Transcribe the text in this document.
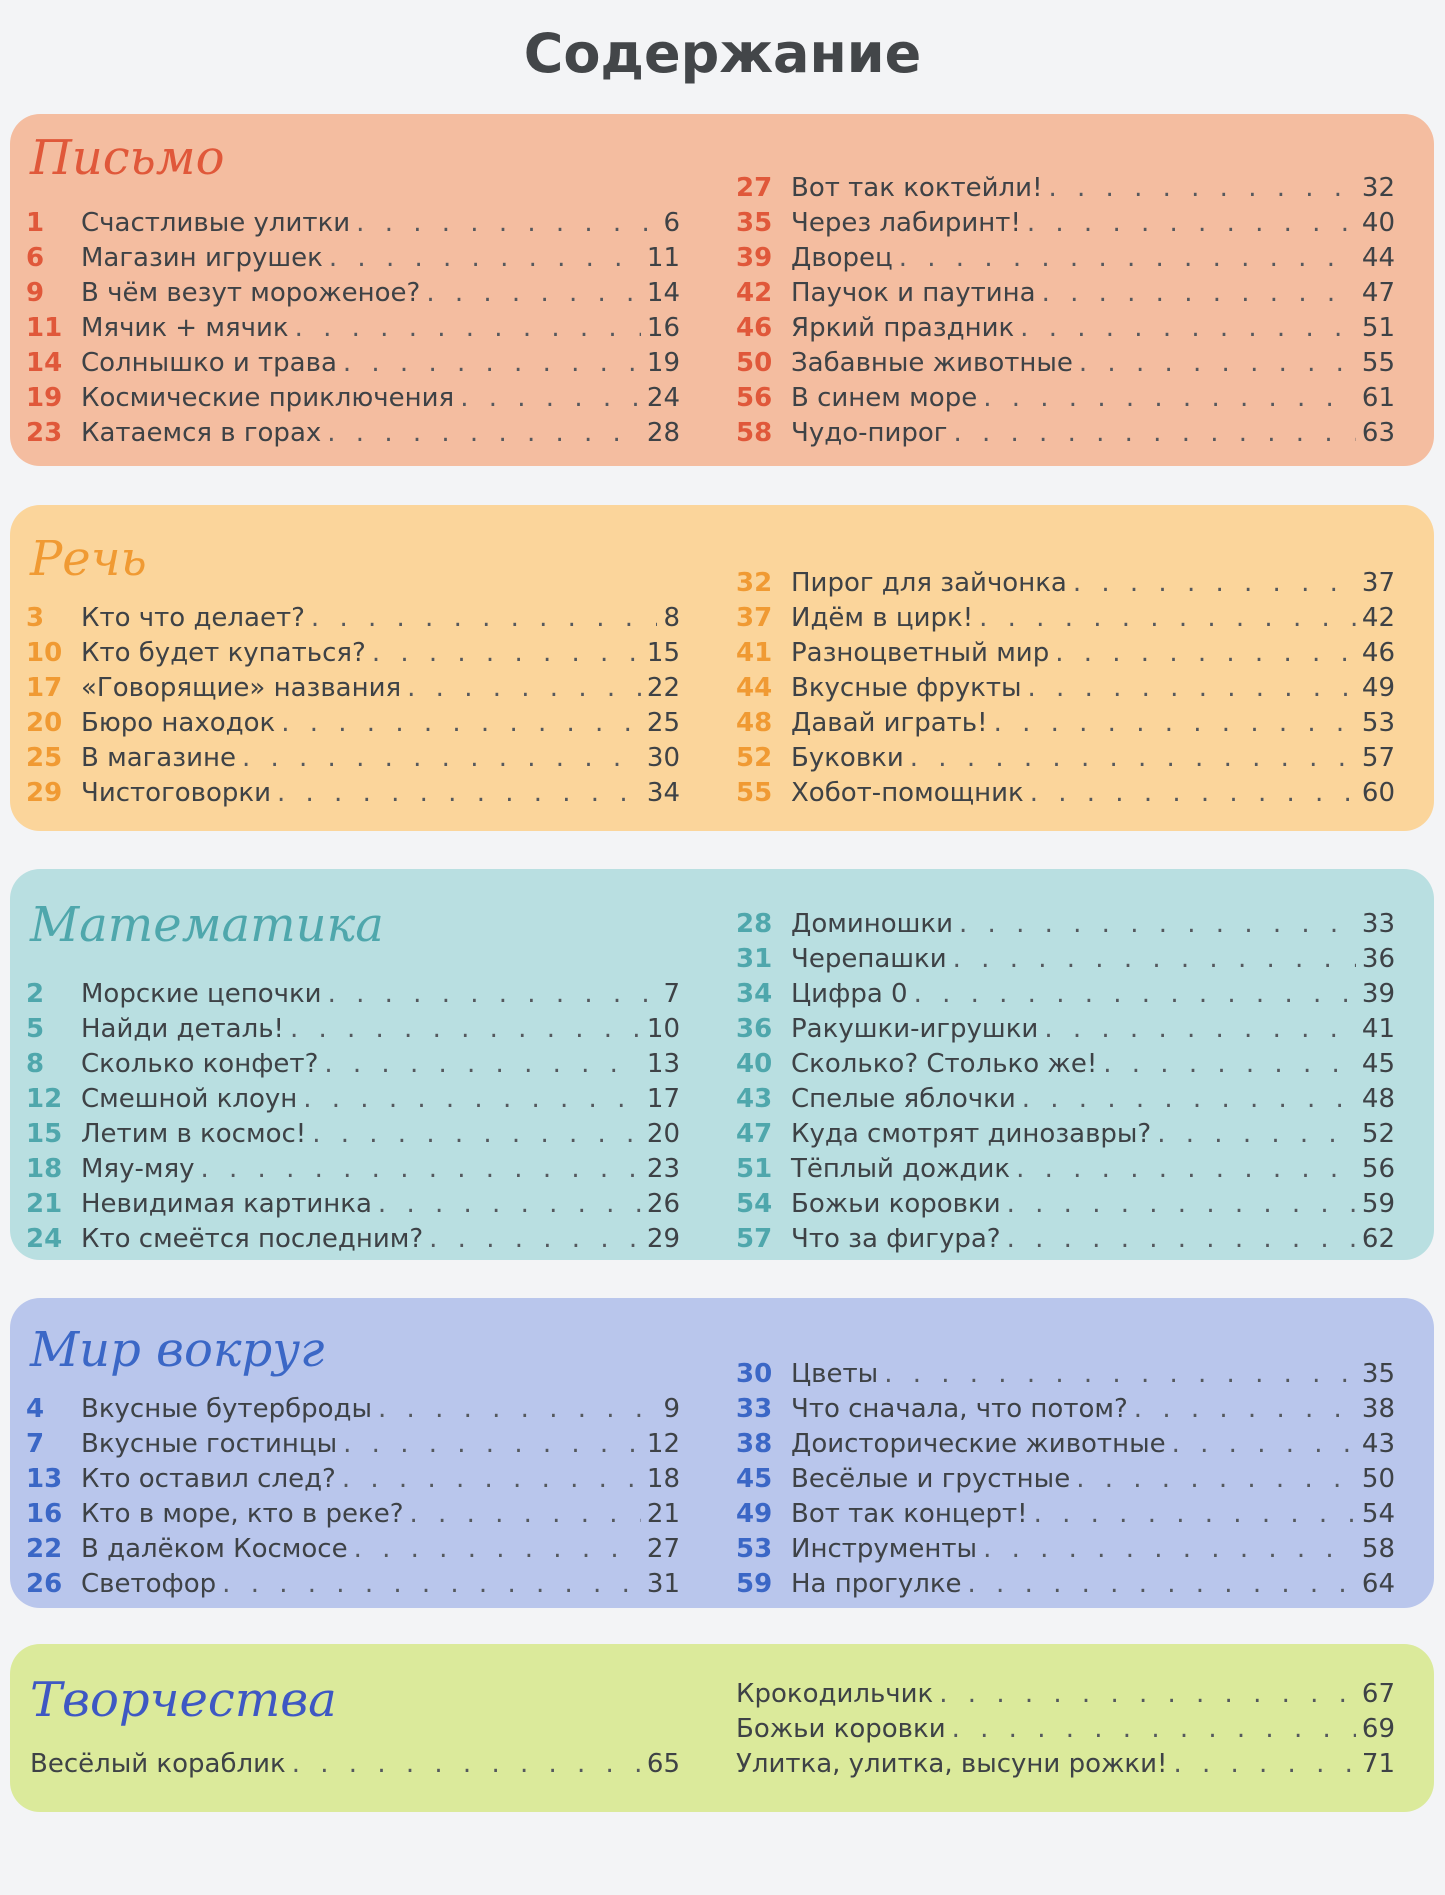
Содержание
Письмо
1	Счастливые улитки . . .	6
6	Магазин игрушек . . .	11
9	В чём везут мороженое? . . .	14
11 Мячик + мячик . . .	16
14 Солнышко и трава . . .	19
19 Космические приключения . . .	24
23 Катаемся в горах . . .	28
27 Вот так коктейли! . . .	32
35 Через лабиринт! . . .	40
39 Дворец . . .	44
42 Паучок и паутина . . .	47
46 Яркий праздник . . .	51
50 Забавные животные . . .	55
56 В синем море . . .	61
58 Чудо-пирог . . .	63
Речь
3	Кто что делает? . . .	8
10 Кто будет купаться? . . .	15
17 «Говорящие» названия . . .	22
20 Бюро находок . . .	25
25 В магазине . . .	30
29 Чистоговорки . . .	34
32 Пирог для зайчонка . . .	37
37 Идём в цирк! . . .	42
41 Разноцветный мир . . .	46
44 Вкусные фрукты . . .	49
48 Давай играть! . . .	53
52 Буковки . . .	57
55 Хобот-помощник . . .	60
Математика
2	Морские цепочки . . .	7
5	Найди деталь! . . .	10
8	Сколько конфет? . . .	13
12 Смешной клоун . . .	17
15 Летим в космос! . . .	20
18 Мяу-мяу . . .	23
21 Невидимая картинка . . .	26
24 Кто смеётся последним? . . .	29
28 Доминошки . . .	33
31 Черепашки . . .	36
34 Цифра 0 . . .	39
36 Ракушки-игрушки . . .	41
40 Сколько? Столько же! . . .	45
43 Спелые яблочки . . .	48
47 Куда смотрят динозавры? . . .	52
51 Тёплый дождик . . .	56
54 Божьи коровки . . .	59
57 Что за фигура? . . .	62
Мир вокруг
4	Вкусные бутерброды . . .	9
7	Вкусные гостинцы . . .	12
13 Кто оставил след? . . .	18
16 Кто в море, кто в реке? . . .	21
22 В далёком Космосе . . .	27
26 Светофор . . .	31
30 Цветы . . .	35
33 Что сначала, что потом? . . .	38
38 Доисторические животные . . .	43
45 Весёлые и грустные . . .	50
49 Вот так концерт! . . .	54
53 Инструменты . . .	58
59 На прогулке . . .	64
Творчества
Весёлый кораблик . . .	65
Крокодильчик . . .	67
Божьи коровки . . .	69
Улитка, улитка, высуни рожки! . . .	71
